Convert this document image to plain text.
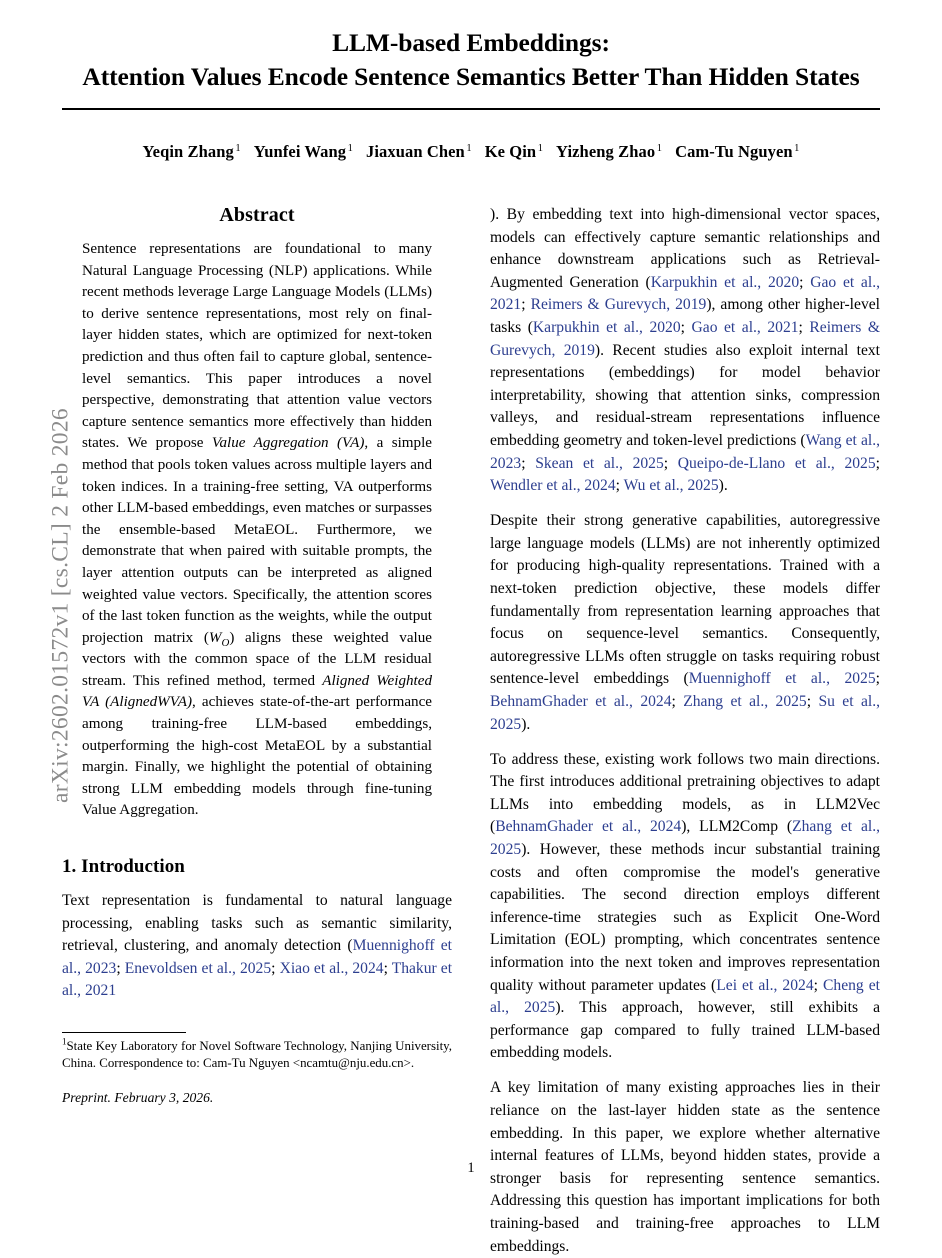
arXiv:2602.01572v1 [cs.CL] 2 Feb 2026
LLM-based Embeddings:
Attention Values Encode Sentence Semantics Better Than Hidden States
Yeqin Zhang $^1$ Yunfei Wang $^1$ Jiaxuan Chen $^1$ Ke Qin $^1$ Yizheng Zhao $^1$ Cam-Tu Nguyen $^1$
Abstract

Sentence representations are foundational to many Natural Language Processing (NLP) applications. While recent methods leverage Large Language Models (LLMs) to derive sentence representations, most rely on final-layer hidden states, which are optimized for next-token prediction and thus often fail to capture global, sentence-level semantics. This paper introduces a novel perspective, demonstrating that attention value vectors capture sentence semantics more effectively than hidden states. We propose Value Aggregation (VA), a simple method that pools token values across multiple layers and token indices. In a training-free setting, VA outperforms other LLM-based embeddings, even matches or surpasses the ensemble-based MetaEOL. Furthermore, we demonstrate that when paired with suitable prompts, the layer attention outputs can be interpreted as aligned weighted value vectors. Specifically, the attention scores of the last token function as the weights, while the output projection matrix $(W_O)$ aligns these weighted value vectors with the common space of the LLM residual stream. This refined method, termed Aligned Weighted VA (AlignedWVA), achieves state-of-the-art performance among training-free LLM-based embeddings, outperforming the high-cost MetaEOL by a substantial margin. Finally, we highlight the potential of obtaining strong LLM embedding models through fine-tuning Value Aggregation.

1. Introduction

Text representation is fundamental to natural language processing, enabling tasks such as semantic similarity, retrieval, clustering, and anomaly detection (Muennighoff et al., 2023; Enevoldsen et al., 2025; Xiao et al., 2024; Thakur et al., 2021

$^1$State Key Laboratory for Novel Software Technology, Nanjing University, China. Correspondence to: Cam-Tu Nguyen <ncamtu@nju.edu.cn>.

Preprint. February 3, 2026.

). By embedding text into high-dimensional vector spaces, models can effectively capture semantic relationships and enhance downstream applications such as Retrieval-Augmented Generation (Karpukhin et al., 2020; Gao et al., 2021; Reimers & Gurevych, 2019), among other higher-level tasks (Karpukhin et al., 2020; Gao et al., 2021; Reimers & Gurevych, 2019). Recent studies also exploit internal text representations (embeddings) for model behavior interpretability, showing that attention sinks, compression valleys, and residual-stream representations influence embedding geometry and token-level predictions (Wang et al., 2023; Skean et al., 2025; Queipo-de-Llano et al., 2025; Wendler et al., 2024; Wu et al., 2025).

Despite their strong generative capabilities, autoregressive large language models (LLMs) are not inherently optimized for producing high-quality representations. Trained with a next-token prediction objective, these models differ fundamentally from representation learning approaches that focus on sequence-level semantics. Consequently, autoregressive LLMs often struggle on tasks requiring robust sentence-level embeddings (Muennighoff et al., 2025; BehnamGhader et al., 2024; Zhang et al., 2025; Su et al., 2025).

To address these, existing work follows two main directions. The first introduces additional pretraining objectives to adapt LLMs into embedding models, as in LLM2Vec (BehnamGhader et al., 2024), LLM2Comp (Zhang et al., 2025). However, these methods incur substantial training costs and often compromise the model's generative capabilities. The second direction employs different inference-time strategies such as Explicit One-Word Limitation (EOL) prompting, which concentrates sentence information into the next token and improves representation quality without parameter updates (Lei et al., 2024; Cheng et al., 2025). This approach, however, still exhibits a performance gap compared to fully trained LLM-based embedding models.

A key limitation of many existing approaches lies in their reliance on the last-layer hidden state as the sentence embedding. In this paper, we explore whether alternative internal features of LLMs, beyond hidden states, provide a stronger basis for representing sentence semantics. Addressing this question has important implications for both training-based and training-free approaches to LLM embeddings.

1
